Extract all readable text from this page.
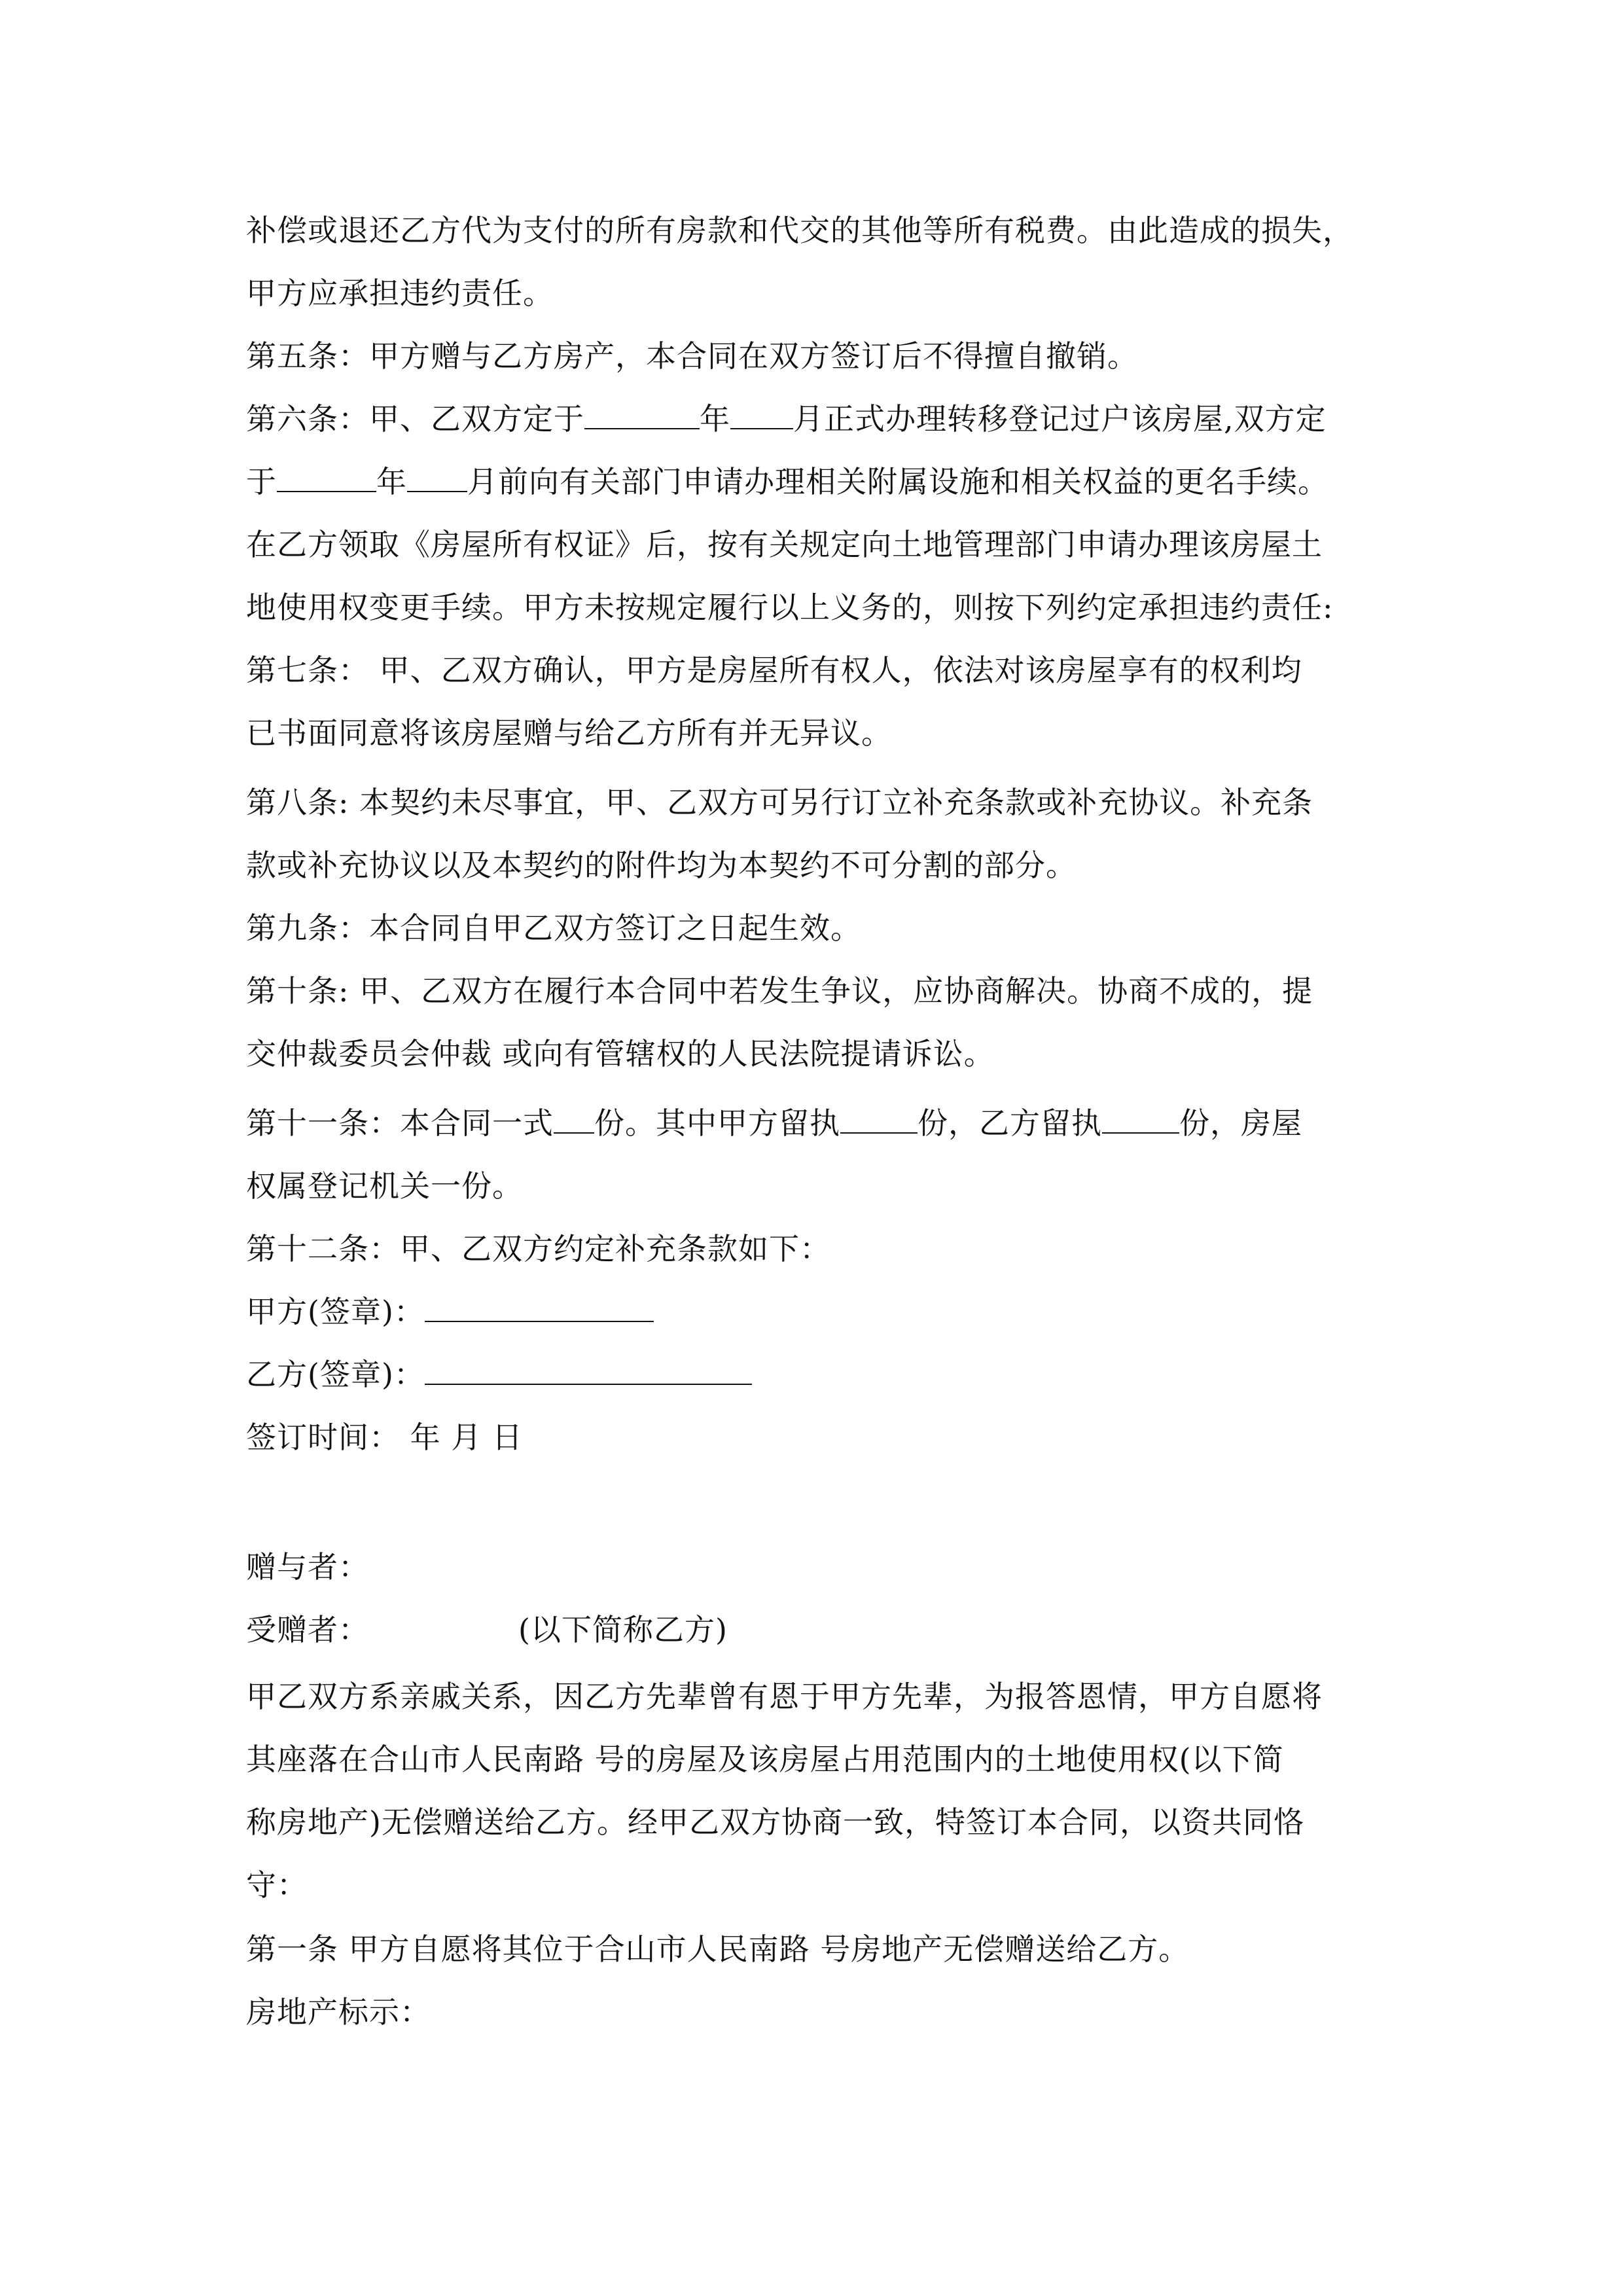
补偿或退还乙方代为支付的所有房款和代交的其他等所有税费。由此造成的损失，
甲方应承担违约责任。
第五条：甲方赠与乙方房产，本合同在双方签订后不得擅自撤销。
第六条：甲、乙双方定于	年 月正式办理转移登记过户该房屋,双方定
于	年 月前向有关部门申请办理相关附属设施和相关权益的更名手续。
在乙方领取《房屋所有权证》后，按有关规定向土地管理部门申请办理该房屋土
地使用权变更手续。甲方未按规定履行以上义务的，则按下列约定承担违约责任:
第七条： 甲、乙双方确认，甲方是房屋所有权人，依法对该房屋享有的权利均
已书面同意将该房屋赠与给乙方所有并无异议。
第八条: 本契约未尽事宜，甲、乙双方可另行订立补充条款或补充协议。补充条
款或补充协议以及本契约的附件均为本契约不可分割的部分。
第九条：本合同自甲乙双方签订之日起生效。
第十条: 甲、乙双方在履行本合同中若发生争议，应协商解决。协商不成的，提
交仲裁委员会仲裁 或向有管辖权的人民法院提请诉讼。
第十一条：本合同一式 份。其中甲方留执	份，乙方留执	份，房屋
权属登记机关一份。
第十二条：甲、乙双方约定补充条款如下：
甲方(签章)：
乙方(签章)：
签订时间： 年 月 日
赠与者：
受赠者：	(以下简称乙方)
甲乙双方系亲戚关系，因乙方先辈曾有恩于甲方先辈，为报答恩情，甲方自愿将
其座落在合山市人民南路 号的房屋及该房屋占用范围内的土地使用权(以下简
称房地产)无偿赠送给乙方。经甲乙双方协商一致，特签订本合同，以资共同恪
守：
第一条 甲方自愿将其位于合山市人民南路 号房地产无偿赠送给乙方。
房地产标示：
